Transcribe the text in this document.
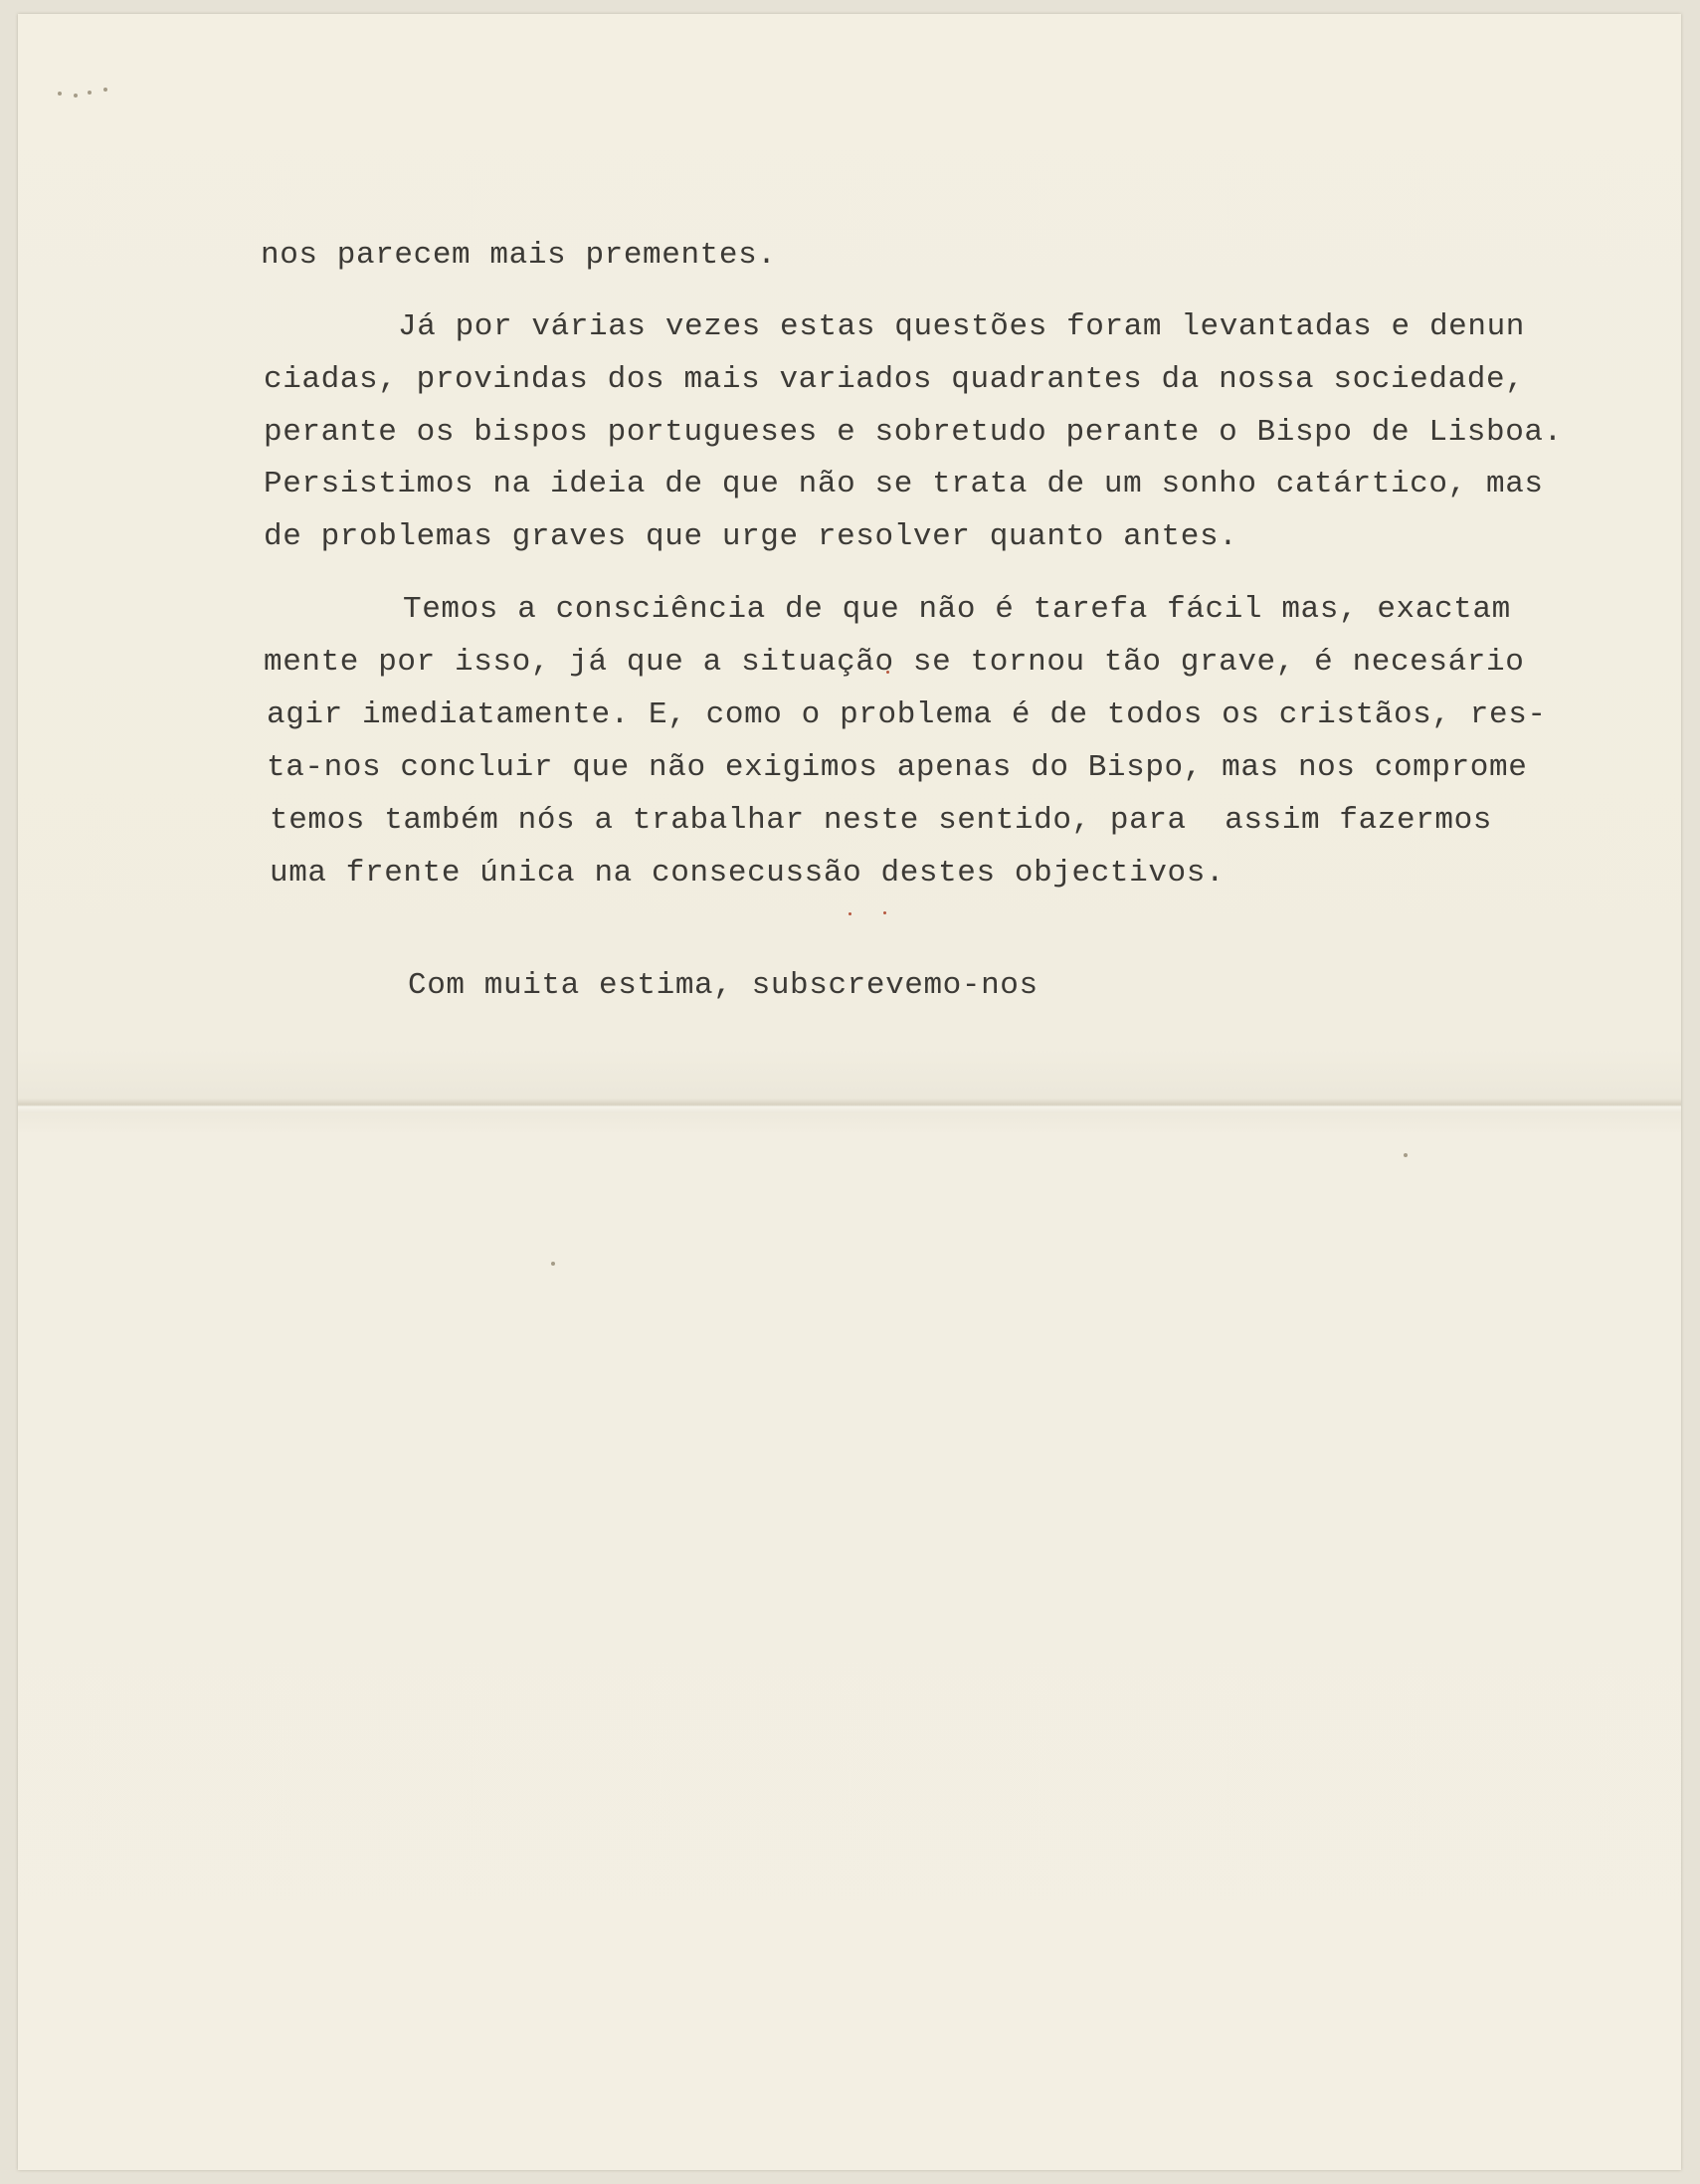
nos parecem mais prementes.
Já por várias vezes estas questões foram levantadas e denun
ciadas, provindas dos mais variados quadrantes da nossa sociedade,
perante os bispos portugueses e sobretudo perante o Bispo de Lisboa.
Persistimos na ideia de que não se trata de um sonho catártico, mas
de problemas graves que urge resolver quanto antes.
Temos a consciência de que não é tarefa fácil mas, exactam
mente por isso, já que a situação se tornou tão grave, é necesário
agir imediatamente. E, como o problema é de todos os cristãos, res-
ta-nos concluir que não exigimos apenas do Bispo, mas nos comprome
temos também nós a trabalhar neste sentido, para  assim fazermos
uma frente única na consecussão destes objectivos.
Com muita estima, subscrevemo-nos
